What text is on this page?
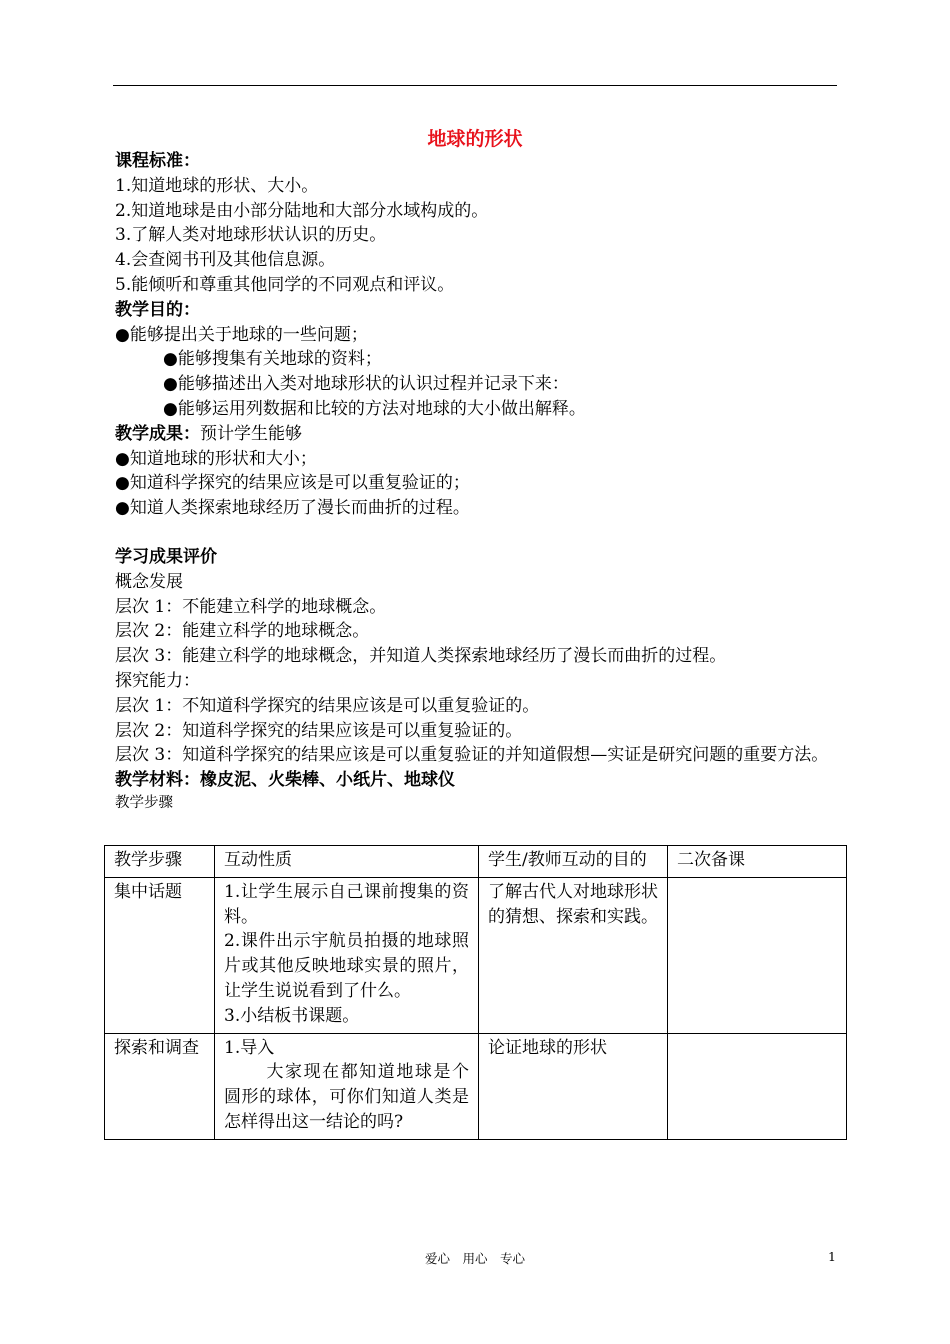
地球的形状
课程标准：
1.知道地球的形状、大小。
2.知道地球是由小部分陆地和大部分水域构成的。
3.了解人类对地球形状认识的历史。
4.会查阅书刊及其他信息源。
5.能倾听和尊重其他同学的不同观点和评议。
教学目的：
●能够提出关于地球的一些问题；
●能够搜集有关地球的资料；
●能够描述出入类对地球形状的认识过程并记录下来：
●能够运用列数据和比较的方法对地球的大小做出解释。
教学成果：预计学生能够
●知道地球的形状和大小；
●知道科学探究的结果应该是可以重复验证的；
●知道人类探索地球经历了漫长而曲折的过程。
学习成果评价
概念发展
层次 1：不能建立科学的地球概念。
层次 2：能建立科学的地球概念。
层次 3：能建立科学的地球概念，并知道人类探索地球经历了漫长而曲折的过程。
探究能力：
层次 1：不知道科学探究的结果应该是可以重复验证的。
层次 2：知道科学探究的结果应该是可以重复验证的。
层次 3：知道科学探究的结果应该是可以重复验证的并知道假想—实证是研究问题的重要方法。
教学材料：橡皮泥、火柴棒、小纸片、地球仪
教学步骤
教学步骤	互动性质	学生/教师互动的目的	二次备课
集中话题	1.让学生展示自己课前搜集的资料。
2.课件出示宇航员拍摄的地球照片或其他反映地球实景的照片，让学生说说看到了什么。
3.小结板书课题。	了解古代人对地球形状的猜想、探索和实践。	
探索和调查	1.导入
大家现在都知道地球是个圆形的球体，可你们知道人类是怎样得出这一结论的吗?	论证地球的形状	
爱心　用心　专心	1
